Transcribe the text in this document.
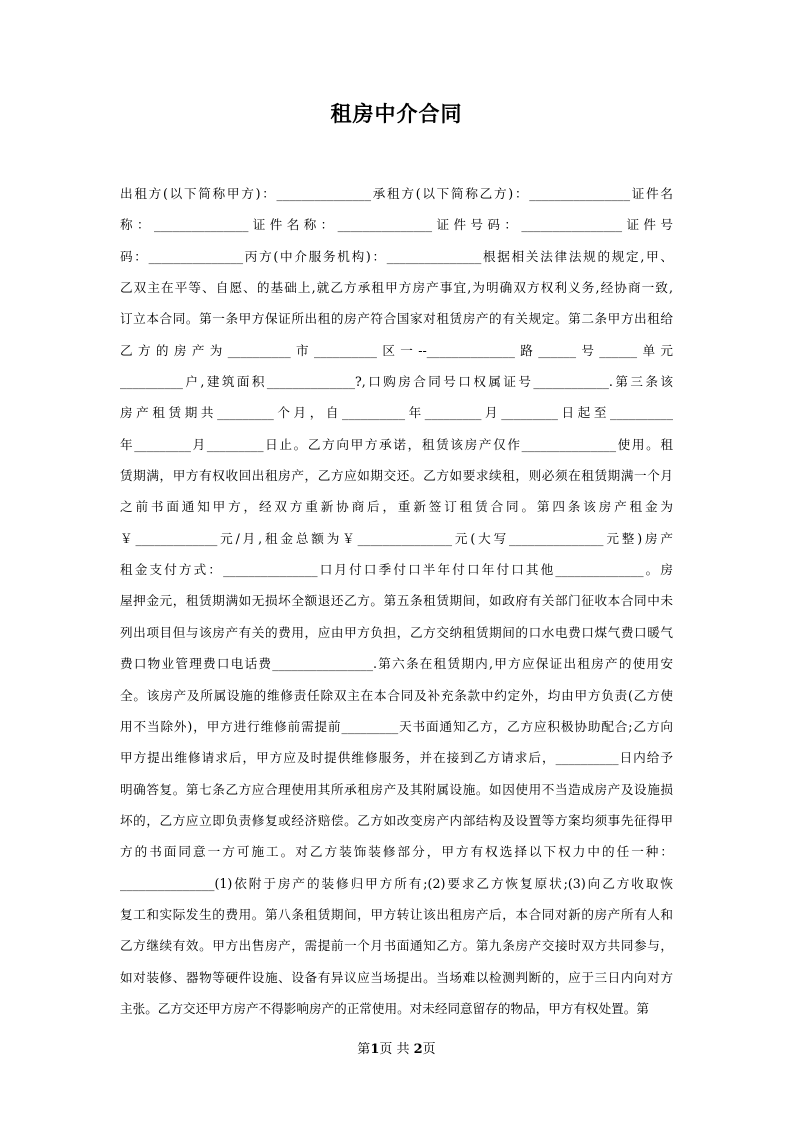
租房中介合同
出租方(以下简称甲方)：_______________承租方(以下简称乙方)：________________证件名
称：_______________证件名称：_______________证件号码：________________证件号
码：_______________丙方(中介服务机构)：_______________根据相关法律法规的规定,甲、
乙双主在平等、自愿、的基础上,就乙方承租甲方房产事宜,为明确双方权利义务,经协商一致,
订立本合同。第一条甲方保证所出租的房产符合国家对租赁房产的有关规定。第二条甲方出租给
乙方的房产为__________市__________区一--______________路______号______单元
__________户,建筑面积______________?,口购房合同号口权属证号____________.第三条该
房产租赁期共_________个月，自__________年_________月_________日起至__________
年_________月_________日止。乙方向甲方承诺，租赁该房产仅作_______________使用。租
赁期满，甲方有权收回出租房产，乙方应如期交还。乙方如要求续租，则必须在租赁期满一个月
之前书面通知甲方，经双方重新协商后，重新签订租赁合同。第四条该房产租金为
￥_____________元/月,租金总额为￥_______________元(大写_______________元整)房产
租金支付方式：_______________口月付口季付口半年付口年付口其他______________。房
屋押金元，租赁期满如无损坏全额退还乙方。第五条租赁期间，如政府有关部门征收本合同中未
列出项目但与该房产有关的费用，应由甲方负担，乙方交纳租赁期间的口水电费口煤气费口暖气
费口物业管理费口电话费________________.第六条在租赁期内,甲方应保证出租房产的使用安
全。该房产及所属设施的维修责任除双主在本合同及补充条款中约定外，均由甲方负责(乙方使
用不当除外)，甲方进行维修前需提前_________天书面通知乙方，乙方应积极协助配合;乙方向
甲方提出维修请求后，甲方应及时提供维修服务，并在接到乙方请求后，__________日内给予
明确答复。第七条乙方应合理使用其所承租房产及其附属设施。如因使用不当造成房产及设施损
坏的，乙方应立即负责修复或经济赔偿。乙方如改变房产内部结构及设置等方案均须事先征得甲
方的书面同意一方可施工。对乙方装饰装修部分，甲方有权选择以下权力中的任一种：
_______________(1)依附于房产的装修归甲方所有;(2)要求乙方恢复原状;(3)向乙方收取恢
复工和实际发生的费用。第八条租赁期间，甲方转让该出租房产后，本合同对新的房产所有人和
乙方继续有效。甲方出售房产，需提前一个月书面通知乙方。第九条房产交接时双方共同参与，
如对装修、器物等硬件设施、设备有异议应当场提出。当场难以检测判断的，应于三日内向对方
主张。乙方交还甲方房产不得影响房产的正常使用。对未经同意留存的物品，甲方有权处置。第
第1页 共 2页
